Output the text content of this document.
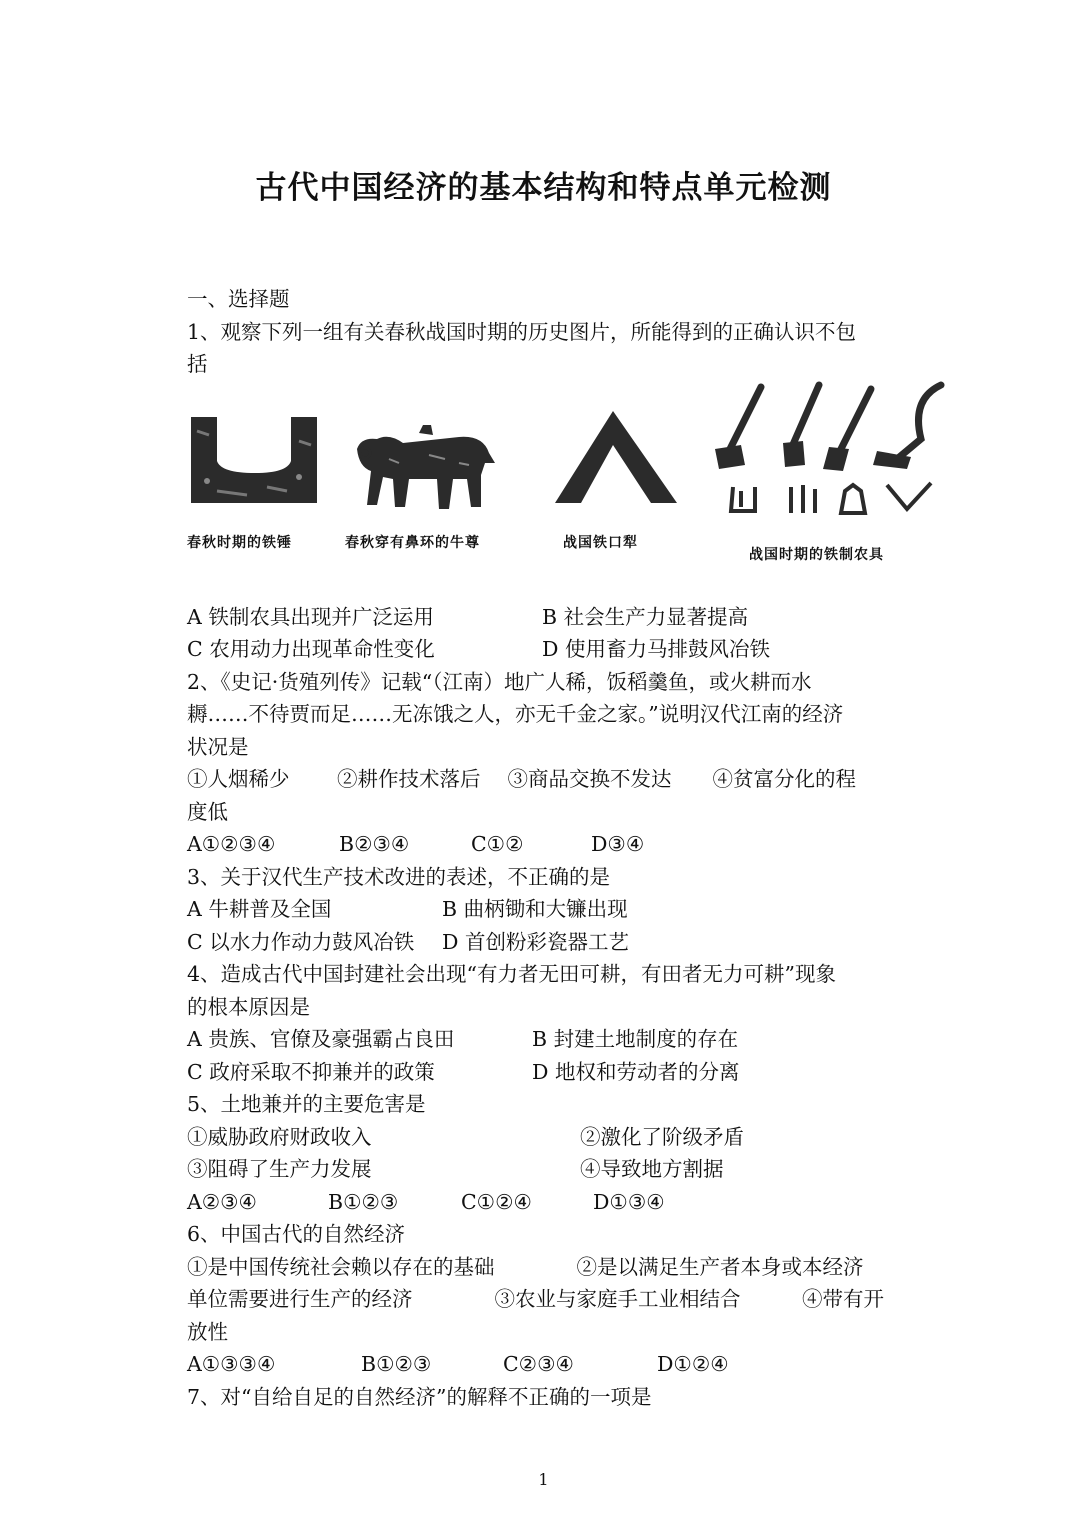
古代中国经济的基本结构和特点单元检测

一、选择题

1、观察下列一组有关春秋战国时期的历史图片，所能得到的正确认识不包

括

春秋时期的铁锤	春秋穿有鼻环的牛尊	战国铁口犁
战国时期的铁制农具
A 铁制农具出现并广泛运用	B 社会生产力显著提高
C 农用动力出现革命性变化	D 使用畜力马排鼓风冶铁

2、《史记·货殖列传》记载“（江南）地广人稀，饭稻羹鱼，或火耕而水

耨……不待贾而足……无冻饿之人，亦无千金之家。”说明汉代江南的经济

状况是

①人烟稀少　　 ②耕作技术落后　 ③商品交换不发达　　④贫富分化的程

度低

A①②③④	B②③④	C①②	D③④

3、关于汉代生产技术改进的表述，不正确的是

A 牛耕普及全国	B 曲柄锄和大镰出现
C 以水力作动力鼓风冶铁	D 首创粉彩瓷器工艺

4、造成古代中国封建社会出现“有力者无田可耕，有田者无力可耕”现象

的根本原因是

A 贵族、官僚及豪强霸占良田	B 封建土地制度的存在
C 政府采取不抑兼并的政策	D 地权和劳动者的分离

5、土地兼并的主要危害是

①威胁政府财政收入	②激化了阶级矛盾
③阻碍了生产力发展	④导致地方割据
A②③④	B①②③	C①②④	D①③④

6、中国古代的自然经济

①是中国传统社会赖以存在的基础　　　　②是以满足生产者本身或本经济

单位需要进行生产的经济　　　　③农业与家庭手工业相结合　　　④带有开

放性

A①③③④	B①②③	C②③④	D①②④

7、对“自给自足的自然经济”的解释不正确的一项是

1
